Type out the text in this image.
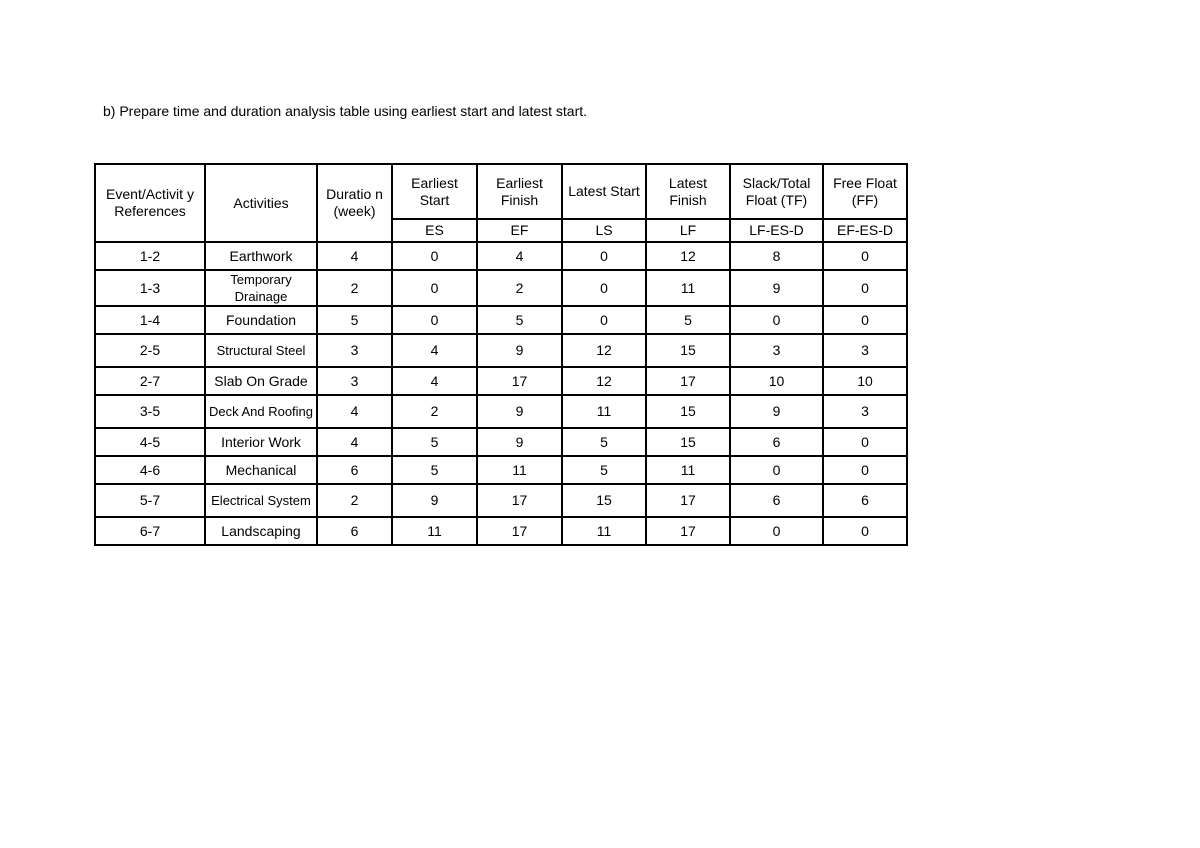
b) Prepare time and duration analysis table using earliest start and latest start.
Event/Activit y References	Activities	Duratio n (week)	Earliest Start	Earliest Finish	Latest Start	Latest Finish	Slack/Total Float (TF)	Free Float (FF)
			ES	EF	LS	LF	LF-ES-D	EF-ES-D
1-2	Earthwork	4	0	4	0	12	8	0
1-3	Temporary Drainage	2	0	2	0	11	9	0
1-4	Foundation	5	0	5	0	5	0	0
2-5	Structural Steel	3	4	9	12	15	3	3
2-7	Slab On Grade	3	4	17	12	17	10	10
3-5	Deck And Roofing	4	2	9	11	15	9	3
4-5	Interior Work	4	5	9	5	15	6	0
4-6	Mechanical	6	5	11	5	11	0	0
5-7	Electrical System	2	9	17	15	17	6	6
6-7	Landscaping	6	11	17	11	17	0	0
